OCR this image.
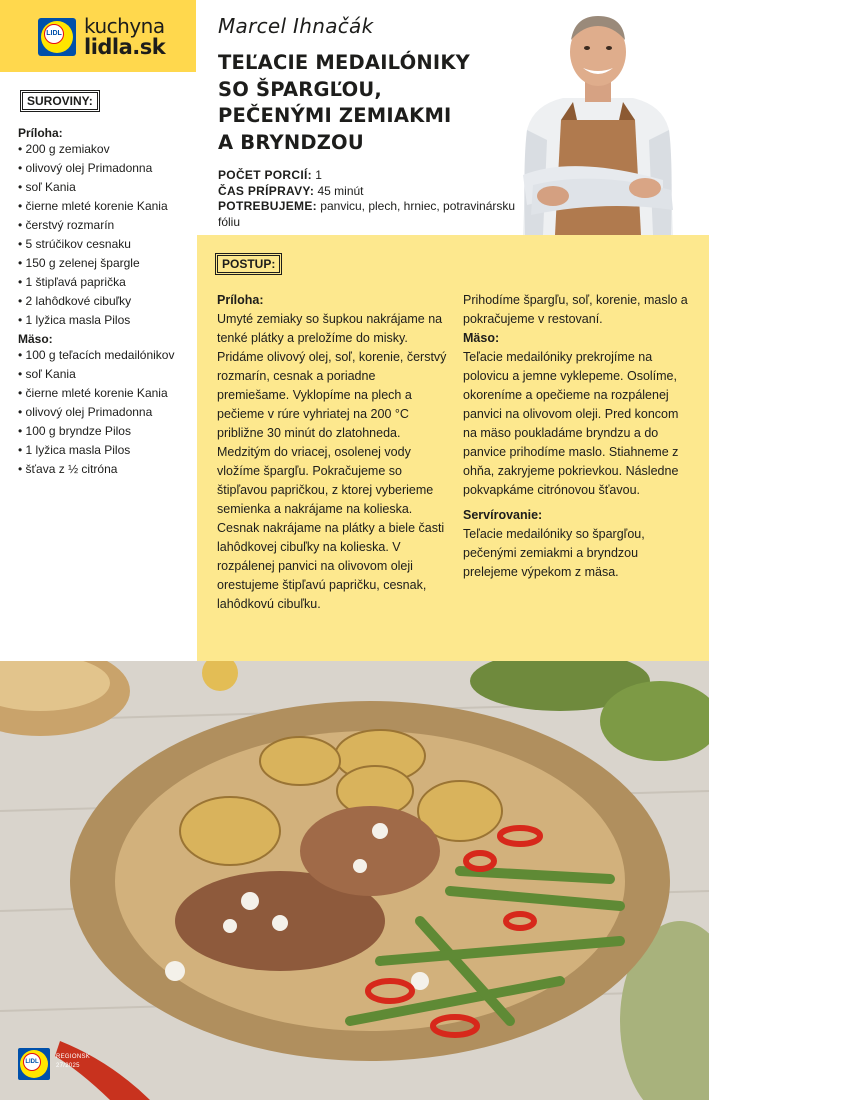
LIDL kuchyna
lidla.sk
SUROVINY:

Príloha:

• 200 g zemiakov
• olivový olej Primadonna
• soľ Kania
• čierne mleté korenie Kania
• čerstvý rozmarín
• 5 strúčikov cesnaku
• 150 g zelenej špargle
• 1 štipľavá paprička
• 2 lahôdkové cibuľky
• 1 lyžica masla Pilos

Mäso:

• 100 g teľacích medailónikov
• soľ Kania
• čierne mleté korenie Kania
• olivový olej Primadonna
• 100 g bryndze Pilos
• 1 lyžica masla Pilos
• šťava z ½ citróna
Marcel Ihnačák
TEĽACIE MEDAILÓNIKY
SO ŠPARGĽOU,
PEČENÝMI ZEMIAKMI
A BRYNDZOU
POČET PORCIÍ: 1
ČAS PRÍPRAVY: 45 minút
POTREBUJEME: panvicu, plech, hrniec, potravinársku fóliu
POSTUP:

Príloha:

Umyté zemiaky so šupkou nakrájame na tenké plátky a preložíme do misky. Pridáme olivový olej, soľ, korenie, čerstvý rozmarín, cesnak a poriadne premiešame. Vyklopíme na plech a pečieme v rúre vyhriatej na 200 °C približne 30 minút do zlatohneda. Medzitým do vriacej, osolenej vody vložíme špargľu. Pokračujeme so štipľavou papričkou, z ktorej vyberieme semienka a nakrájame na kolieska. Cesnak nakrájame na plátky a biele časti lahôdkovej cibuľky na kolieska. V rozpálenej panvici na olivovom oleji orestujeme štipľavú papričku, cesnak, lahôdkovú cibuľku.

Prihodíme špargľu, soľ, korenie, maslo a pokračujeme v restovaní.

Mäso:

Teľacie medailóniky prekrojíme na polovicu a jemne vyklepeme. Osolíme, okoreníme a opečieme na rozpálenej panvici na olivovom oleji. Pred koncom na mäso poukladáme bryndzu a do panvice prihodíme maslo. Stiahneme z ohňa, zakryjeme pokrievkou. Následne pokvapkáme citrónovou šťavou.

Servírovanie:

Teľacie medailóniky so špargľou, pečenými zemiakmi a bryndzou prelejeme výpekom z mäsa.

LIDL
REGIONSK
27/2025
